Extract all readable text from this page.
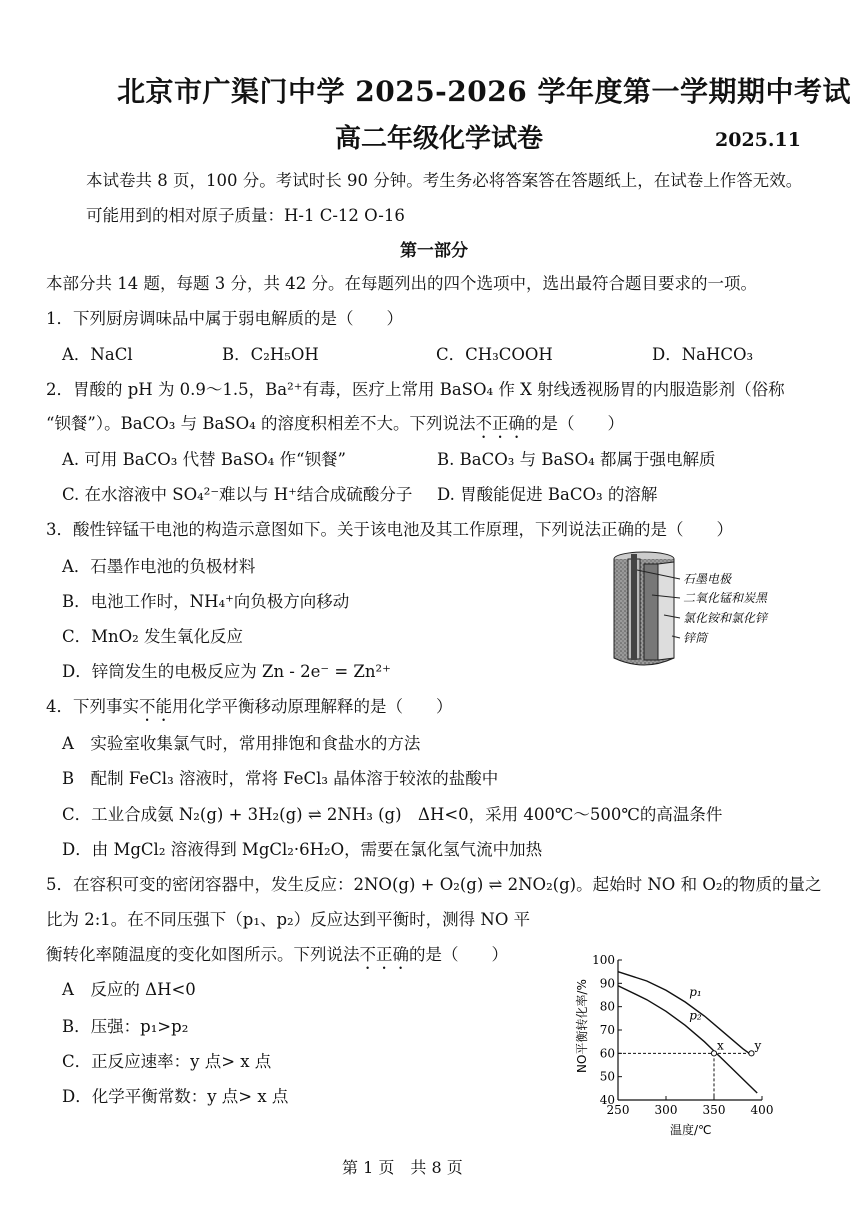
北京市广渠门中学 2025-2026 学年度第一学期期中考试
高二年级化学试卷	2025.11
本试卷共 8 页，100 分。考试时长 90 分钟。考生务必将答案答在答题纸上，在试卷上作答无效。
可能用到的相对原子质量：H-1 C-12 O-16
第一部分
本部分共 14 题，每题 3 分，共 42 分。在每题列出的四个选项中，选出最符合题目要求的一项。
1．下列厨房调味品中属于弱电解质的是（　　）
A．NaCl	B．C₂H₅OH	C．CH₃COOH	D．NaHCO₃
2．胃酸的 pH 为 0.9～1.5，Ba²⁺有毒，医疗上常用 BaSO₄ 作 X 射线透视肠胃的内服造影剂（俗称
“钡餐”）。BaCO₃ 与 BaSO₄ 的溶度积相差不大。下列说法不正确的是（　　）
A. 可用 BaCO₃ 代替 BaSO₄ 作“钡餐”	B. BaCO₃ 与 BaSO₄ 都属于强电解质
C. 在水溶液中 SO₄²⁻难以与 H⁺结合成硫酸分子 D. 胃酸能促进 BaCO₃ 的溶解
3．酸性锌锰干电池的构造示意图如下。关于该电池及其工作原理，下列说法正确的是（　　）
A．石墨作电池的负极材料
B．电池工作时，NH₄⁺向负极方向移动
C．MnO₂ 发生氧化反应
D．锌筒发生的电极反应为 Zn - 2e⁻ = Zn²⁺
石墨电极
二氧化锰和炭黑
氯化铵和氯化锌
锌筒
4．下列事实不能用化学平衡移动原理解释的是（　　）
A　实验室收集氯气时，常用排饱和食盐水的方法
B　配制 FeCl₃ 溶液时，常将 FeCl₃ 晶体溶于较浓的盐酸中
C．工业合成氨 N₂(g) + 3H₂(g) ⇌ 2NH₃ (g)　ΔH<0，采用 400℃～500℃的高温条件
D．由 MgCl₂ 溶液得到 MgCl₂·6H₂O，需要在氯化氢气流中加热
5．在容积可变的密闭容器中，发生反应：2NO(g) + O₂(g) ⇌ 2NO₂(g)。起始时 NO 和 O₂的物质的量之
比为 2:1。在不同压强下（p₁、p₂）反应达到平衡时，测得 NO 平
衡转化率随温度的变化如图所示。下列说法不正确的是（　　）
A　反应的 ΔH<0
B．压强：p₁>p₂
C．正反应速率：y 点> x 点
D．化学平衡常数：y 点> x 点
250 300 350 400
40
50
60
70
80
90
100
p₁
p₂
x	y
NO平衡转化率/%
温度/℃
第 1 页　共 8 页
